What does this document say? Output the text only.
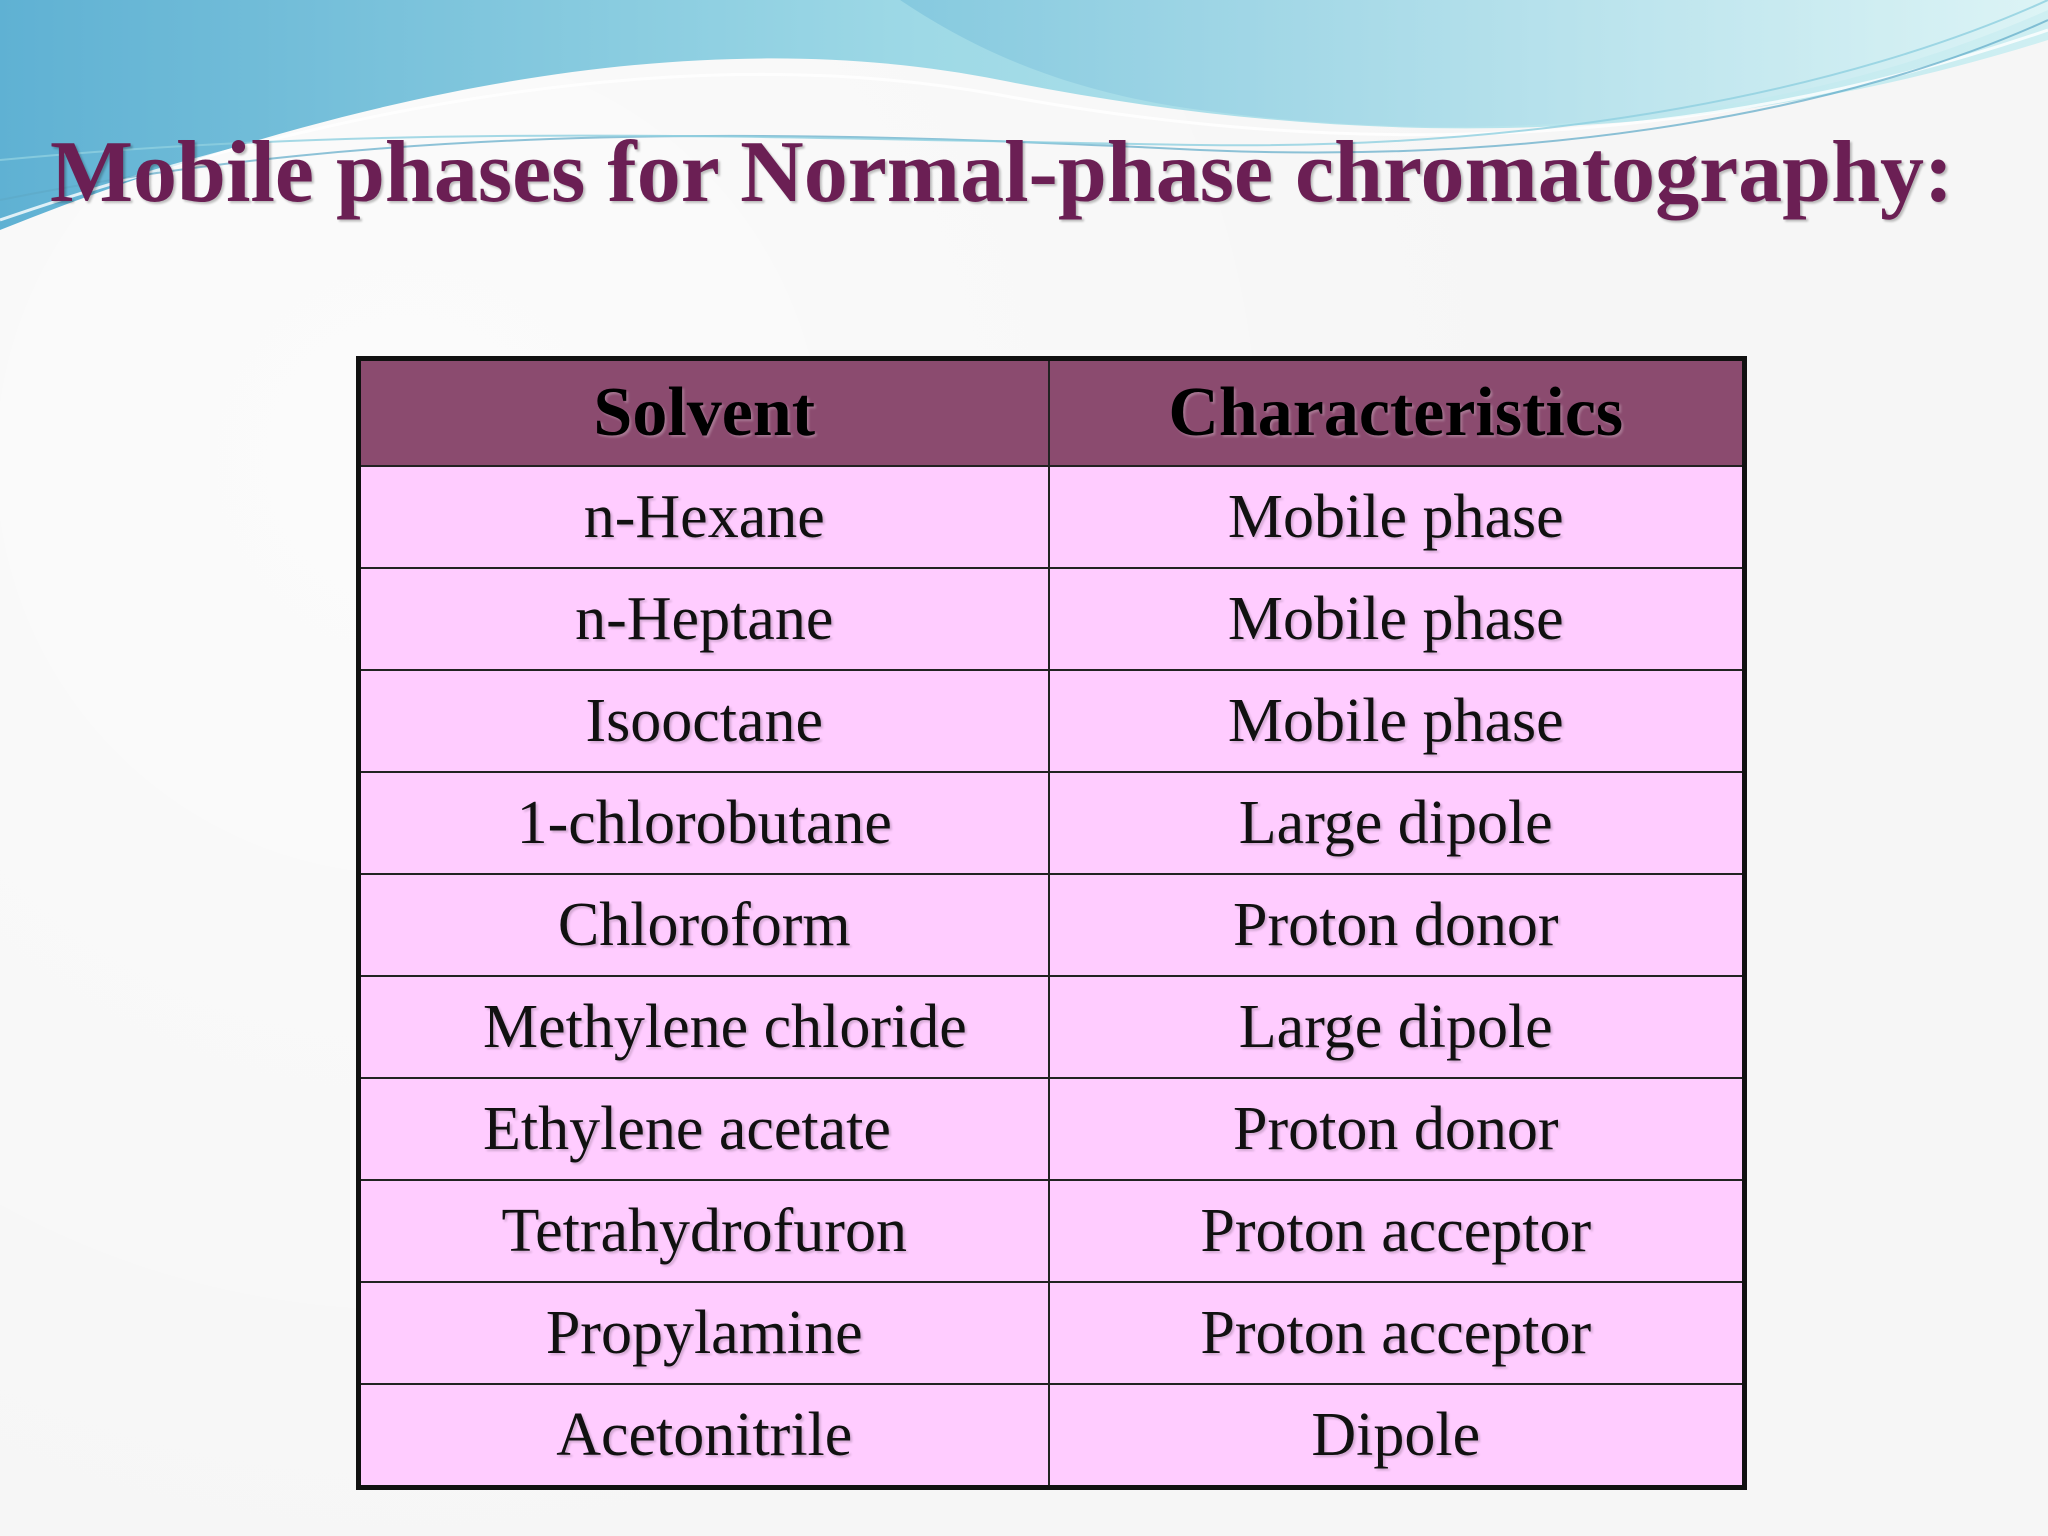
Mobile phases for Normal-phase chromatography:
Solvent	Characteristics
n-Hexane	Mobile phase
n-Heptane	Mobile phase
Isooctane	Mobile phase
1-chlorobutane	Large dipole
Chloroform	Proton donor
Methylene chloride	Large dipole
Ethylene acetate	Proton donor
Tetrahydrofuron	Proton acceptor
Propylamine	Proton acceptor
Acetonitrile	Dipole
